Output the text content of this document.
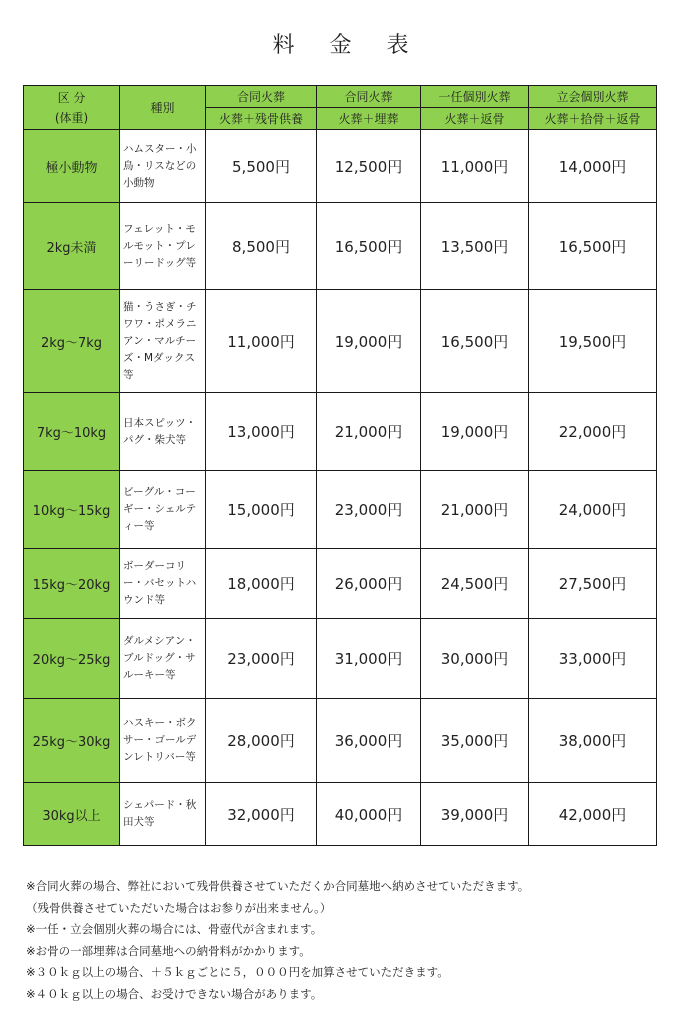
料 金 表
区 分
(体重)	種別	合同火葬	合同火葬	一任個別火葬	立会個別火葬
		火葬＋残骨供養	火葬＋埋葬	火葬＋返骨	火葬＋拾骨＋返骨
極小動物	ハムスター・小鳥・リスなどの小動物	5,500円	12,500円	11,000円	14,000円
2kg未満	フェレット・モルモット・プレーリードッグ等	8,500円	16,500円	13,500円	16,500円
2kg～7kg	猫・うさぎ・チワワ・ポメラニアン・マルチーズ・Mダックス等	11,000円	19,000円	16,500円	19,500円
7kg～10kg	日本スピッツ・パグ・柴犬等	13,000円	21,000円	19,000円	22,000円
10kg～15kg	ビーグル・コーギー・シェルティー等	15,000円	23,000円	21,000円	24,000円
15kg～20kg	ボーダーコリー・バセットハウンド等	18,000円	26,000円	24,500円	27,500円
20kg～25kg	ダルメシアン・ブルドッグ・サルーキー等	23,000円	31,000円	30,000円	33,000円
25kg～30kg	ハスキー・ボクサー・ゴールデンレトリバー等	28,000円	36,000円	35,000円	38,000円
30kg以上	シェパード・秋田犬等	32,000円	40,000円	39,000円	42,000円
※合同火葬の場合、弊社において残骨供養させていただくか合同墓地へ納めさせていただきます。
（残骨供養させていただいた場合はお参りが出来ません。）
※一任・立会個別火葬の場合には、骨壺代が含まれます。
※お骨の一部埋葬は合同墓地への納骨料がかかります。
※３０ｋｇ以上の場合、＋５ｋｇごとに５，０００円を加算させていただきます。
※４０ｋｇ以上の場合、お受けできない場合があります。
